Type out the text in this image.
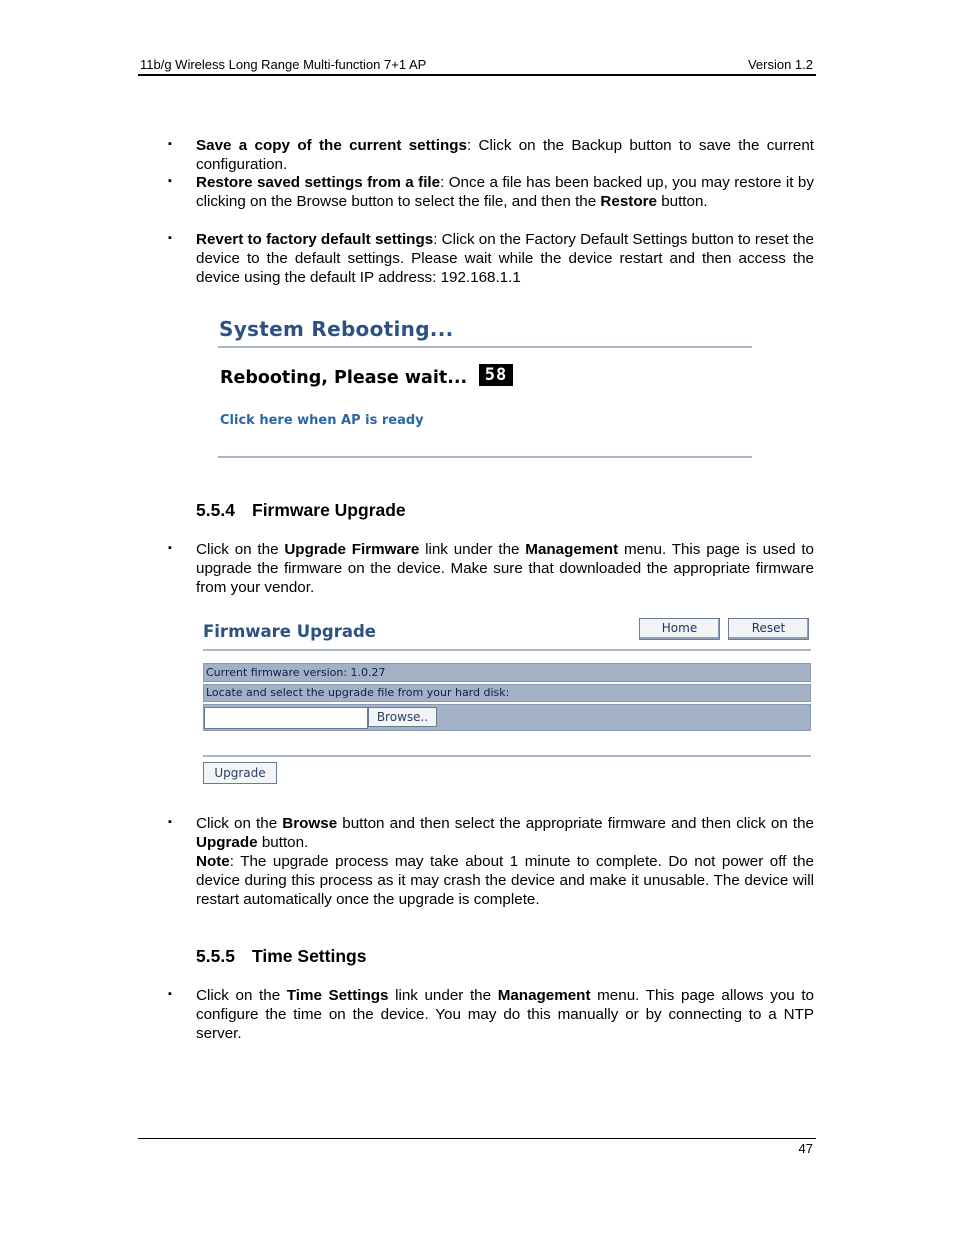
11b/g Wireless Long Range Multi-function 7+1 AP	Version 1.2
▪ Save a copy of the current settings: Click on the Backup button to save the current configuration.
▪ Restore saved settings from a file: Once a file has been backed up, you may restore it by clicking on the Browse button to select the file, and then the Restore button.
▪ Revert to factory default settings: Click on the Factory Default Settings button to reset the device to the default settings. Please wait while the device restart and then access the device using the default IP address: 192.168.1.1
System Rebooting...
Rebooting, Please wait...	58
Click here when AP is ready
5.5.4 Firmware Upgrade
▪ Click on the Upgrade Firmware link under the Management menu. This page is used to upgrade the firmware on the device. Make sure that downloaded the appropriate firmware from your vendor.
Firmware Upgrade	Home	Reset
Current firmware version: 1.0.27
Locate and select the upgrade file from your hard disk:
Browse..
Upgrade
▪ Click on the Browse button and then select the appropriate firmware and then click on the Upgrade button.
Note: The upgrade process may take about 1 minute to complete. Do not power off the device during this process as it may crash the device and make it unusable. The device will restart automatically once the upgrade is complete.
5.5.5 Time Settings
▪ Click on the Time Settings link under the Management menu. This page allows you to configure the time on the device. You may do this manually or by connecting to a NTP server.
47
